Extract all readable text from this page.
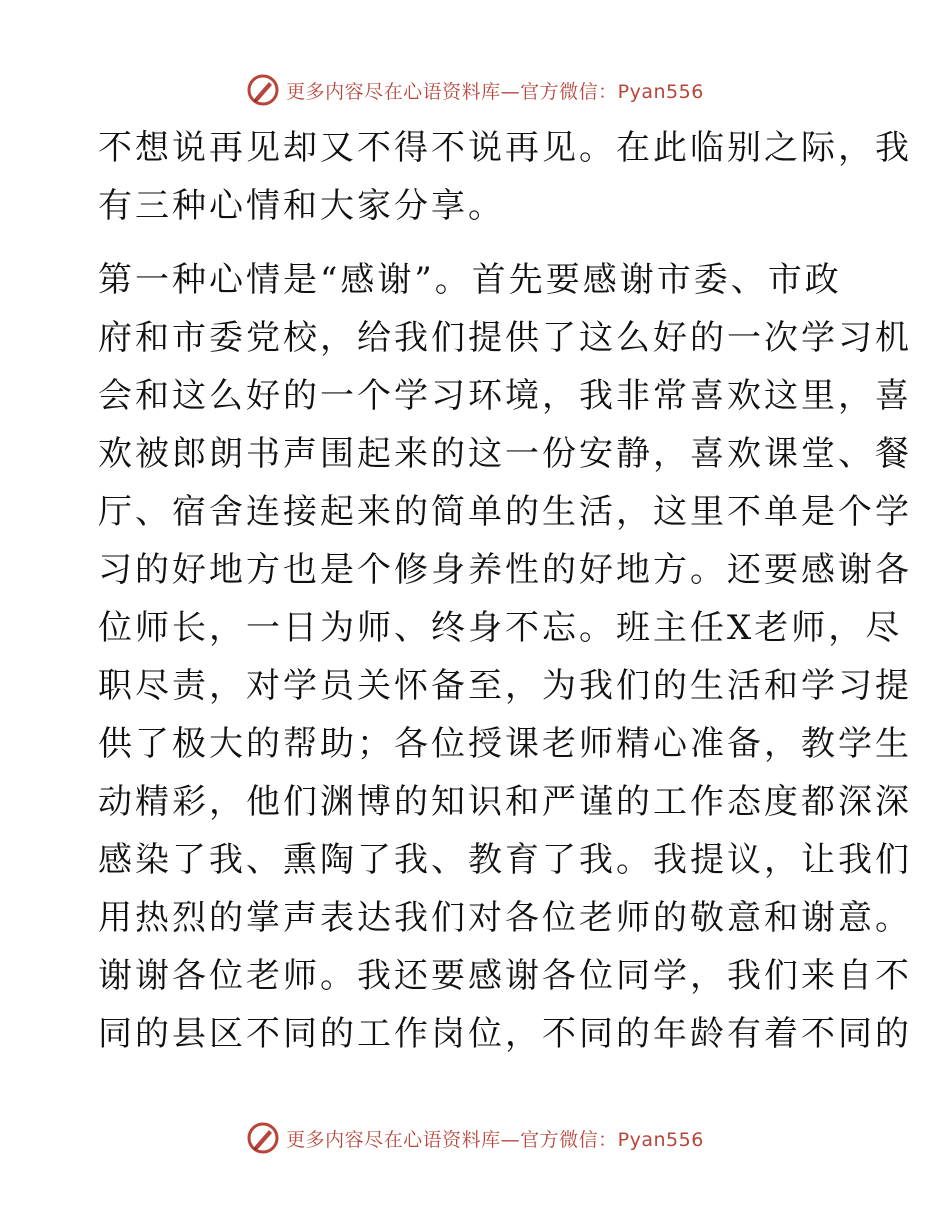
更多内容尽在心语资料库—官方微信：Pyan556
不想说再见却又不得不说再见。在此临别之际，我
有三种心情和大家分享。
第一种心情是“感谢”。首先要感谢市委、市政
府和市委党校，给我们提供了这么好的一次学习机
会和这么好的一个学习环境，我非常喜欢这里，喜
欢被郎朗书声围起来的这一份安静，喜欢课堂、餐
厅、宿舍连接起来的简单的生活，这里不单是个学
习的好地方也是个修身养性的好地方。还要感谢各
位师长，一日为师、终身不忘。班主任X老师，尽
职尽责，对学员关怀备至，为我们的生活和学习提
供了极大的帮助；各位授课老师精心准备，教学生
动精彩，他们渊博的知识和严谨的工作态度都深深
感染了我、熏陶了我、教育了我。我提议，让我们
用热烈的掌声表达我们对各位老师的敬意和谢意。
谢谢各位老师。我还要感谢各位同学，我们来自不
同的县区不同的工作岗位，不同的年龄有着不同的
更多内容尽在心语资料库—官方微信：Pyan556
